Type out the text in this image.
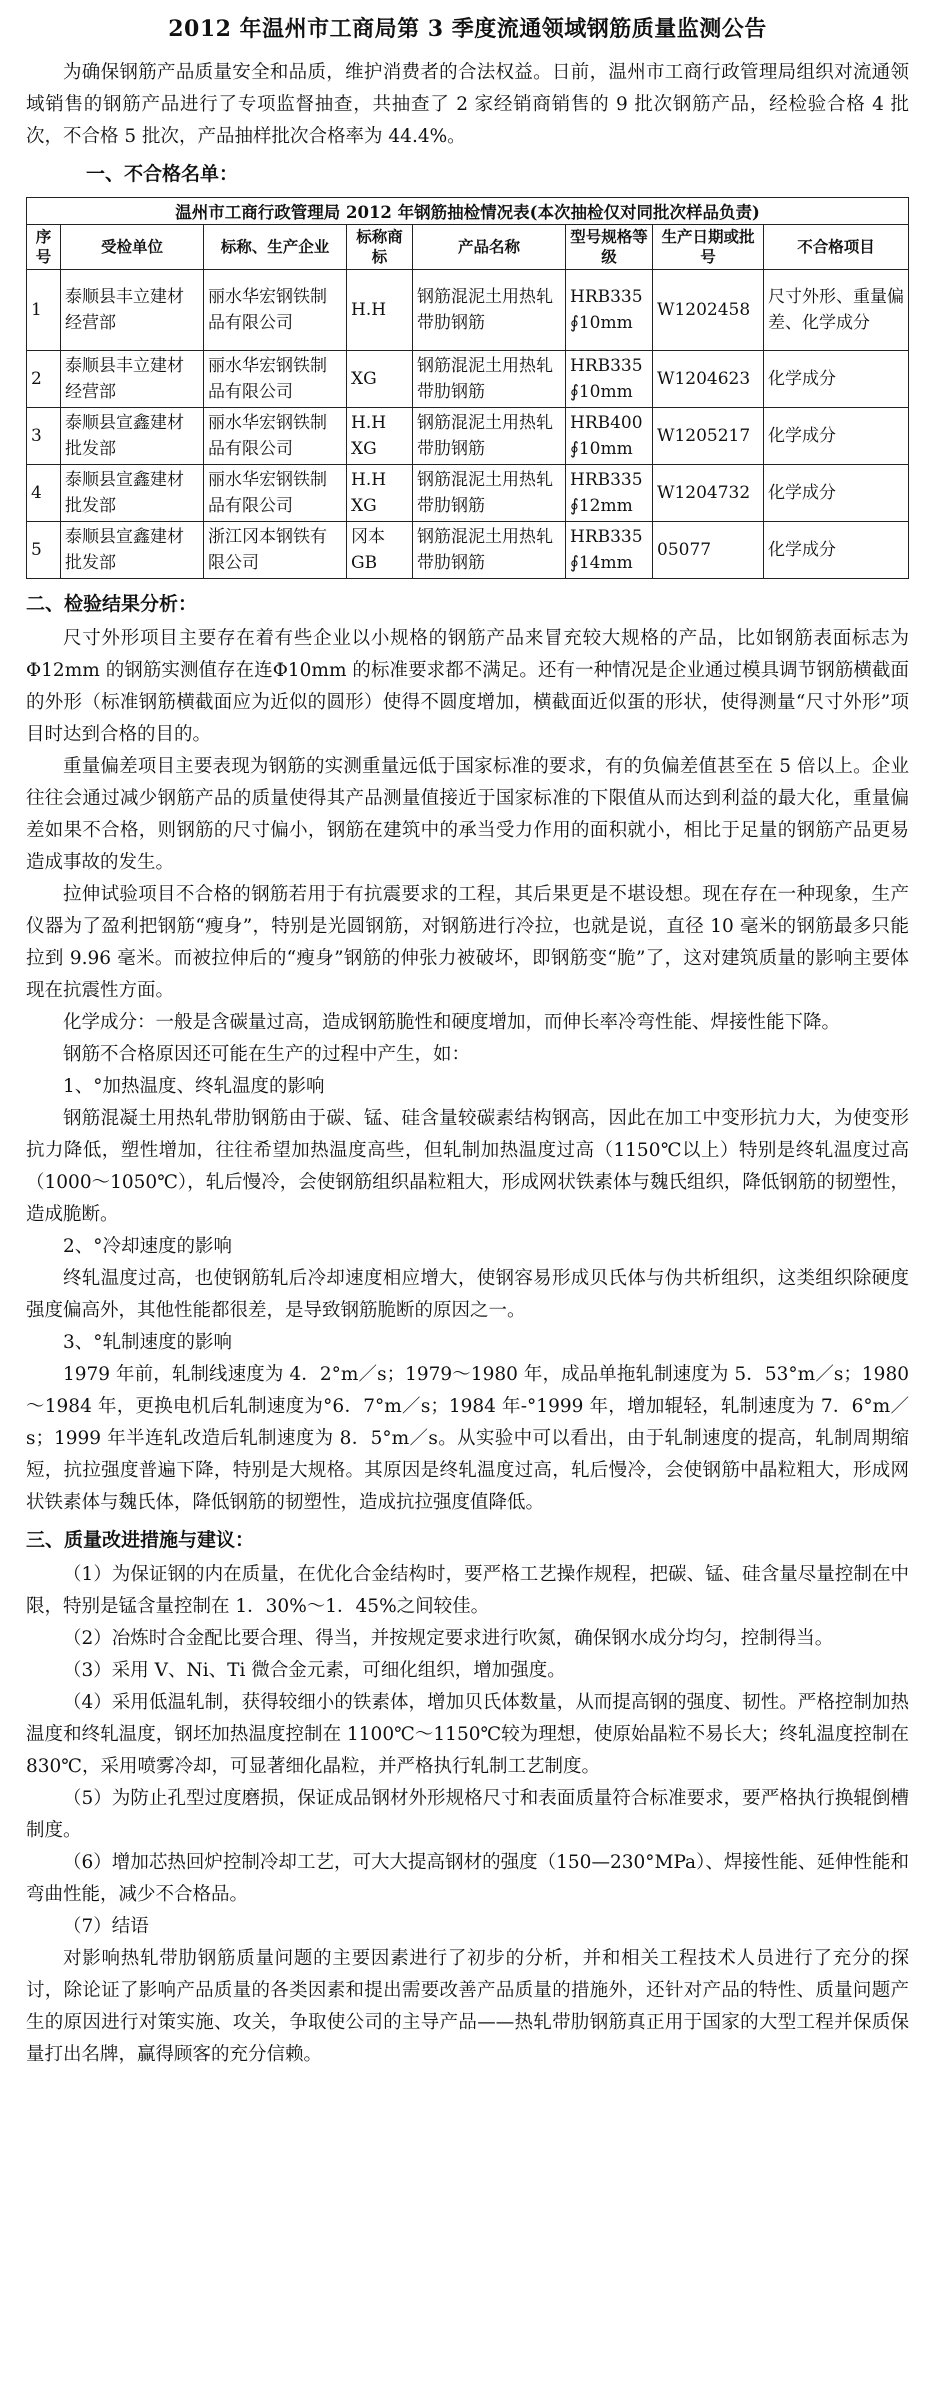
2012 年温州市工商局第 3 季度流通领域钢筋质量监测公告

为确保钢筋产品质量安全和品质，维护消费者的合法权益。日前，温州市工商行政管理局组织对流通领域销售的钢筋产品进行了专项监督抽查，共抽查了 2 家经销商销售的 9 批次钢筋产品，经检验合格 4 批次，不合格 5 批次，产品抽样批次合格率为 44.4%。

一、不合格名单：
温州市工商行政管理局 2012 年钢筋抽检情况表(本次抽检仅对同批次样品负责)							
序号	受检单位	标称、生产企业	标称商标	产品名称	型号规格等级	生产日期或批号	不合格项目
1	泰顺县丰立建材经营部	丽水华宏钢铁制品有限公司	H.H	钢筋混泥土用热轧带肋钢筋	HRB335 ∮10mm	W1202458	尺寸外形、重量偏差、化学成分
2	泰顺县丰立建材经营部	丽水华宏钢铁制品有限公司	XG	钢筋混泥土用热轧带肋钢筋	HRB335 ∮10mm	W1204623	化学成分
3	泰顺县宣鑫建材批发部	丽水华宏钢铁制品有限公司	H.H XG	钢筋混泥土用热轧带肋钢筋	HRB400 ∮10mm	W1205217	化学成分
4	泰顺县宣鑫建材批发部	丽水华宏钢铁制品有限公司	H.H XG	钢筋混泥土用热轧带肋钢筋	HRB335 ∮12mm	W1204732	化学成分
5	泰顺县宣鑫建材批发部	浙江冈本钢铁有限公司	冈本 GB	钢筋混泥土用热轧带肋钢筋	HRB335 ∮14mm	05077	化学成分
二、检验结果分析：

尺寸外形项目主要存在着有些企业以小规格的钢筋产品来冒充较大规格的产品，比如钢筋表面标志为Φ12mm 的钢筋实测值存在连Φ10mm 的标准要求都不满足。还有一种情况是企业通过模具调节钢筋横截面的外形（标准钢筋横截面应为近似的圆形）使得不圆度增加，横截面近似蛋的形状，使得测量“尺寸外形”项目时达到合格的目的。

重量偏差项目主要表现为钢筋的实测重量远低于国家标准的要求，有的负偏差值甚至在 5 倍以上。企业往往会通过减少钢筋产品的质量使得其产品测量值接近于国家标准的下限值从而达到利益的最大化，重量偏差如果不合格，则钢筋的尺寸偏小，钢筋在建筑中的承当受力作用的面积就小，相比于足量的钢筋产品更易造成事故的发生。

拉伸试验项目不合格的钢筋若用于有抗震要求的工程，其后果更是不堪设想。现在存在一种现象，生产仪器为了盈利把钢筋“瘦身”，特别是光圆钢筋，对钢筋进行冷拉，也就是说，直径 10 毫米的钢筋最多只能拉到 9.96 毫米。而被拉伸后的“瘦身”钢筋的伸张力被破坏，即钢筋变“脆”了，这对建筑质量的影响主要体现在抗震性方面。

化学成分：一般是含碳量过高，造成钢筋脆性和硬度增加，而伸长率冷弯性能、焊接性能下降。

钢筋不合格原因还可能在生产的过程中产生，如：

1、°加热温度、终轧温度的影响

钢筋混凝土用热轧带肋钢筋由于碳、锰、硅含量较碳素结构钢高，因此在加工中变形抗力大，为使变形抗力降低，塑性增加，往往希望加热温度高些，但轧制加热温度过高（1150℃以上）特别是终轧温度过高（1000～1050℃），轧后慢冷，会使钢筋组织晶粒粗大，形成网状铁素体与魏氏组织，降低钢筋的韧塑性，造成脆断。

2、°冷却速度的影响

终轧温度过高，也使钢筋轧后冷却速度相应增大，使钢容易形成贝氏体与伪共析组织，这类组织除硬度强度偏高外，其他性能都很差，是导致钢筋脆断的原因之一。

3、°轧制速度的影响

1979 年前，轧制线速度为 4．2°m／s；1979～1980 年，成品单拖轧制速度为 5．53°m／s；1980～1984 年，更换电机后轧制速度为°6．7°m／s；1984 年-°1999 年，增加辊轻，轧制速度为 7．6°m／s；1999 年半连轧改造后轧制速度为 8．5°m／s。从实验中可以看出，由于轧制速度的提高，轧制周期缩短，抗拉强度普遍下降，特别是大规格。其原因是终轧温度过高，轧后慢冷，会使钢筋中晶粒粗大，形成网状铁素体与魏氏体，降低钢筋的韧塑性，造成抗拉强度值降低。

三、质量改进措施与建议：

（1）为保证钢的内在质量，在优化合金结构时，要严格工艺操作规程，把碳、锰、硅含量尽量控制在中限，特别是锰含量控制在 1．30%～1．45%之间较佳。

（2）冶炼时合金配比要合理、得当，并按规定要求进行吹氮，确保钢水成分均匀，控制得当。

（3）采用 V、Ni、Ti 微合金元素，可细化组织，增加强度。

（4）采用低温轧制，获得较细小的铁素体，增加贝氏体数量，从而提高钢的强度、韧性。严格控制加热温度和终轧温度，钢坯加热温度控制在 1100℃～1150℃较为理想，使原始晶粒不易长大；终轧温度控制在 830℃，采用喷雾冷却，可显著细化晶粒，并严格执行轧制工艺制度。

（5）为防止孔型过度磨损，保证成品钢材外形规格尺寸和表面质量符合标准要求，要严格执行换辊倒槽制度。

（6）增加芯热回炉控制冷却工艺，可大大提高钢材的强度（150—230°MPa）、焊接性能、延伸性能和弯曲性能，减少不合格品。

（7）结语

对影响热轧带肋钢筋质量问题的主要因素进行了初步的分析，并和相关工程技术人员进行了充分的探讨，除论证了影响产品质量的各类因素和提出需要改善产品质量的措施外，还针对产品的特性、质量问题产生的原因进行对策实施、攻关，争取使公司的主导产品——热轧带肋钢筋真正用于国家的大型工程并保质保量打出名牌，赢得顾客的充分信赖。
